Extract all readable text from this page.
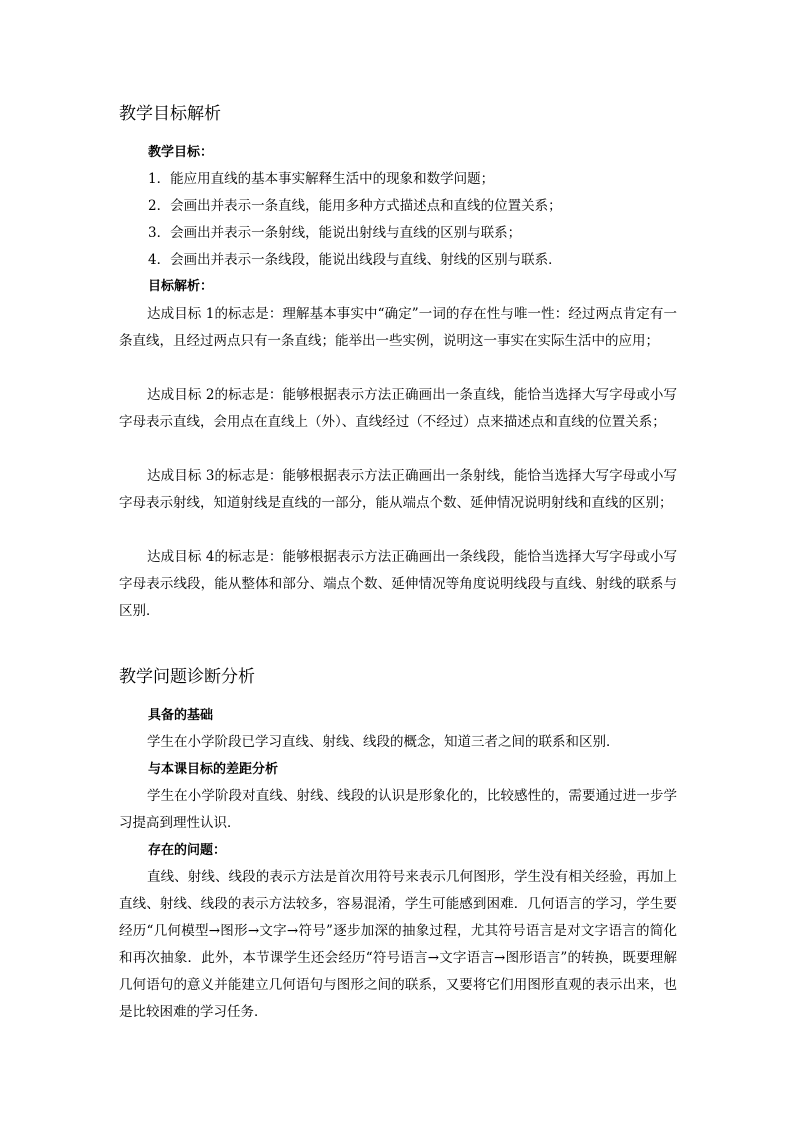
教学目标解析
教学目标：
1．能应用直线的基本事实解释生活中的现象和数学问题；
2．会画出并表示一条直线，能用多种方式描述点和直线的位置关系；
3．会画出并表示一条射线，能说出射线与直线的区别与联系；
4．会画出并表示一条线段，能说出线段与直线、射线的区别与联系．
目标解析：
达成目标 1的标志是：理解基本事实中“确定”一词的存在性与唯一性：经过两点肯定有一条直线，且经过两点只有一条直线；能举出一些实例，说明这一事实在实际生活中的应用；
达成目标 2的标志是：能够根据表示方法正确画出一条直线，能恰当选择大写字母或小写字母表示直线，会用点在直线上（外）、直线经过（不经过）点来描述点和直线的位置关系；
达成目标 3的标志是：能够根据表示方法正确画出一条射线，能恰当选择大写字母或小写字母表示射线，知道射线是直线的一部分，能从端点个数、延伸情况说明射线和直线的区别；
达成目标 4的标志是：能够根据表示方法正确画出一条线段，能恰当选择大写字母或小写字母表示线段，能从整体和部分、端点个数、延伸情况等角度说明线段与直线、射线的联系与区别．
教学问题诊断分析
具备的基础
学生在小学阶段已学习直线、射线、线段的概念，知道三者之间的联系和区别．
与本课目标的差距分析
学生在小学阶段对直线、射线、线段的认识是形象化的，比较感性的，需要通过进一步学习提高到理性认识．
存在的问题：
直线、射线、线段的表示方法是首次用符号来表示几何图形，学生没有相关经验，再加上直线、射线、线段的表示方法较多，容易混淆，学生可能感到困难．几何语言的学习，学生要经历“几何模型→图形→文字→符号”逐步加深的抽象过程，尤其符号语言是对文字语言的简化和再次抽象．此外，本节课学生还会经历“符号语言→文字语言→图形语言”的转换，既要理解几何语句的意义并能建立几何语句与图形之间的联系，又要将它们用图形直观的表示出来，也是比较困难的学习任务．
